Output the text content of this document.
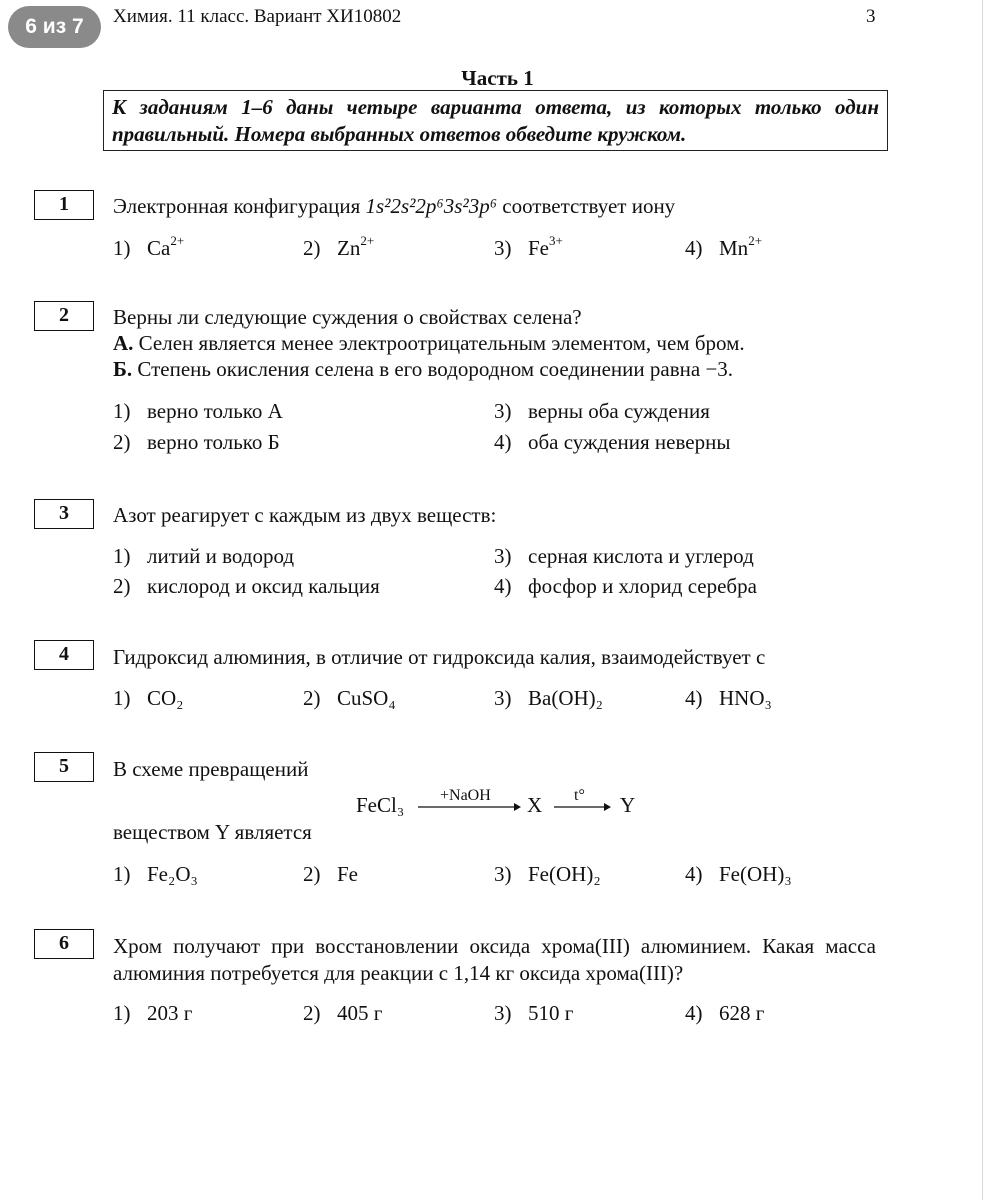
6 из 7	Химия. 11 класс. Вариант ХИ10802	3
Часть 1
К заданиям 1–6 даны четыре варианта ответа, из которых только один правильный. Номера выбранных ответов обведите кружком.
1	Электронная конфигурация 1s²2s²2p⁶3s²3p⁶ соответствует иону
1) $Ca^{2+}$	2) $Zn^{2+}$	3) $Fe^{3+}$	4) $Mn^{2+}$
2	Верны ли следующие суждения о свойствах селена?
А. Селен является менее электроотрицательным элементом, чем бром.
Б. Степень окисления селена в его водородном соединении равна −3.
1) верно только А
2) верно только Б
3) верны оба суждения
4) оба суждения неверны
3	Азот реагирует с каждым из двух веществ:
1) литий и водород
2) кислород и оксид кальция
3) серная кислота и углерод
4) фосфор и хлорид серебра
4	Гидроксид алюминия, в отличие от гидроксида калия, взаимодействует с
1) CO₂	2) CuSO₄	3) Ba(OH)₂	4) HNO₃
5	В схеме превращений
FeCl₃ +NaOH X t° → Y
веществом Y является
1) Fe₂O₃	2) Fe	3) Fe(OH)₂	4) Fe(OH)₃
6	Хром получают при восстановлении оксида хрома(III) алюминием. Какая масса алюминия потребуется для реакции с 1,14 кг оксида хрома(III)?
1) 203 г	2) 405 г	3) 510 г	4) 628 г
